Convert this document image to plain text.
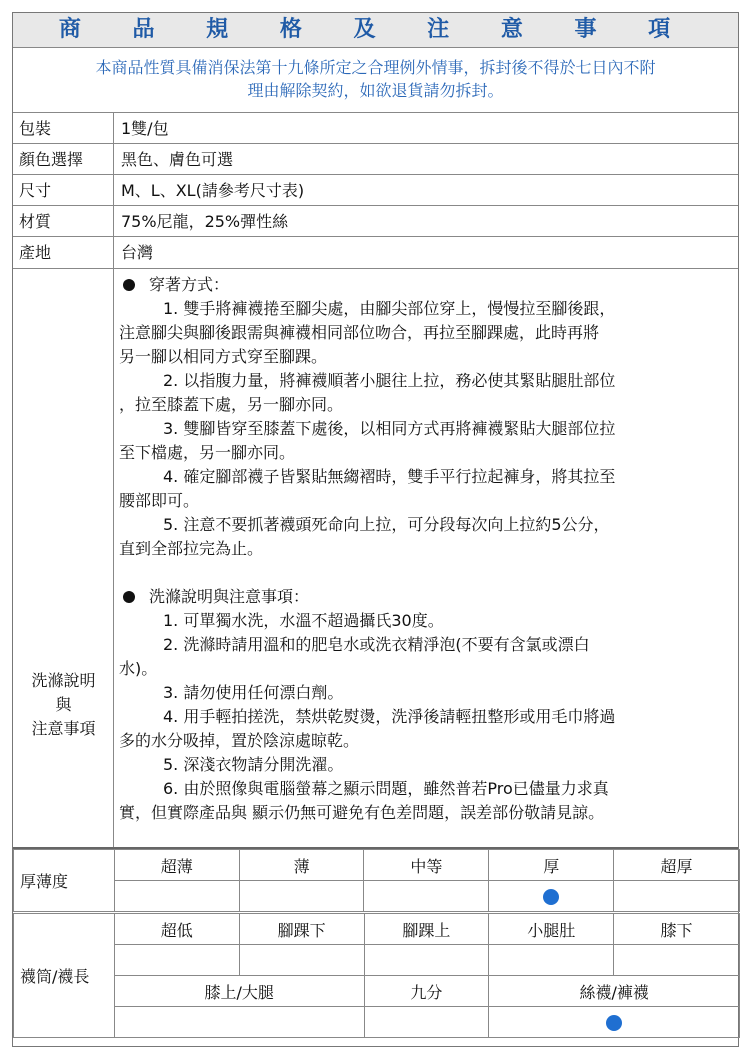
商 品 規 格 及 注 意 事 項
本商品性質具備消保法第十九條所定之合理例外情事，拆封後不得於七日內不附
理由解除契約，如欲退貨請勿拆封。
包裝	1雙/包
顏色選擇	黑色、膚色可選
尺寸	M、L、XL(請參考尺寸表)
材質	75%尼龍，25%彈性絲
產地	台灣
洗滌說明
與
注意事項

穿著方式：

1. 雙手將褲襪捲至腳尖處，由腳尖部位穿上，慢慢拉至腳後跟，

注意腳尖與腳後跟需與褲襪相同部位吻合，再拉至腳踝處，此時再將

另一腳以相同方式穿至腳踝。

2. 以指腹力量，將褲襪順著小腿往上拉，務必使其緊貼腿肚部位

，拉至膝蓋下處，另一腳亦同。

3. 雙腳皆穿至膝蓋下處後，以相同方式再將褲襪緊貼大腿部位拉

至下檔處，另一腳亦同。

4. 確定腳部襪子皆緊貼無縐褶時，雙手平行拉起褲身，將其拉至

腰部即可。

5. 注意不要抓著襪頭死命向上拉，可分段每次向上拉約5公分，

直到全部拉完為止。

洗滌說明與注意事項：

1. 可單獨水洗，水溫不超過攝氏30度。

2. 洗滌時請用溫和的肥皂水或洗衣精淨泡(不要有含氯或漂白

水)。

3. 請勿使用任何漂白劑。

4. 用手輕拍搓洗，禁烘乾熨燙，洗淨後請輕扭整形或用毛巾將過

多的水分吸掉，置於陰涼處晾乾。

5. 深淺衣物請分開洗濯。

6. 由於照像與電腦螢幕之顯示問題，雖然普若Pro已儘量力求真

實，但實際產品與 顯示仍無可避免有色差問題，誤差部份敬請見諒。

厚薄度	超薄	薄	中等	厚	超厚

襪筒/襪長	超低	腳踝下	腳踝上	小腿肚	膝下

	膝上/大腿		九分	絲襪/褲襪	
